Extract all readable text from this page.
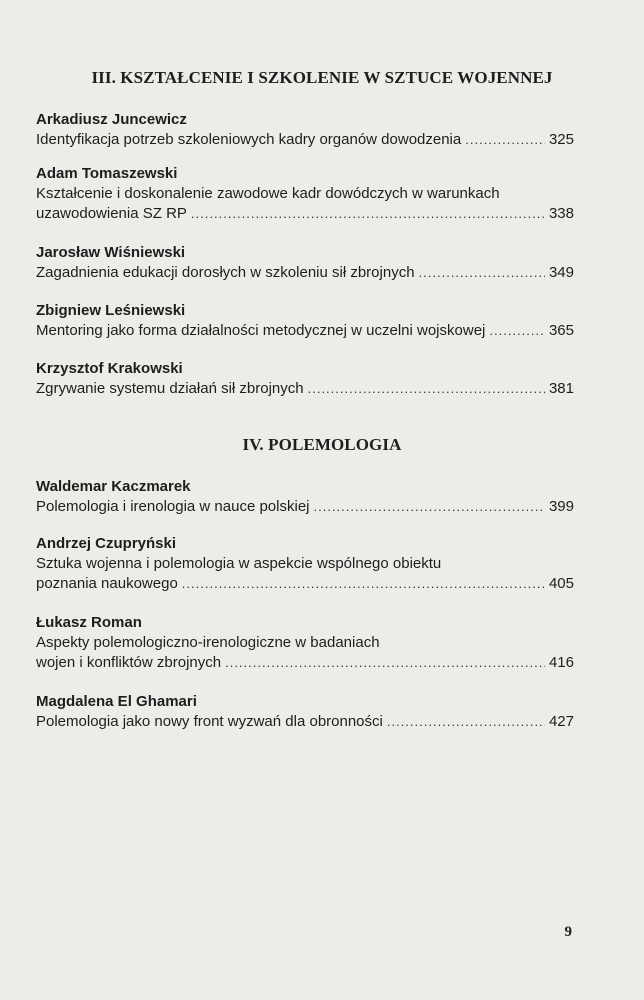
III. KSZTAŁCENIE I SZKOLENIE W SZTUCE WOJENNEJ
Arkadiusz Juncewicz
Identyfikacja potrzeb szkoleniowych kadry organów dowodzenia .....	325
Adam Tomaszewski
Kształcenie i doskonalenie zawodowe kadr dowódczych w warunkach
uzawodowienia SZ RP .....	338
Jarosław Wiśniewski
Zagadnienia edukacji dorosłych w szkoleniu sił zbrojnych .....	349
Zbigniew Leśniewski
Mentoring jako forma działalności metodycznej w uczelni wojskowej .....	365
Krzysztof Krakowski
Zgrywanie systemu działań sił zbrojnych .....	381
IV. POLEMOLOGIA
Waldemar Kaczmarek
Polemologia i irenologia w nauce polskiej .....	399
Andrzej Czupryński
Sztuka wojenna i polemologia w aspekcie wspólnego obiektu
poznania naukowego .....	405
Łukasz Roman
Aspekty polemologiczno-irenologiczne w badaniach
wojen i konfliktów zbrojnych .....	416
Magdalena El Ghamari
Polemologia jako nowy front wyzwań dla obronności .....	427
9
